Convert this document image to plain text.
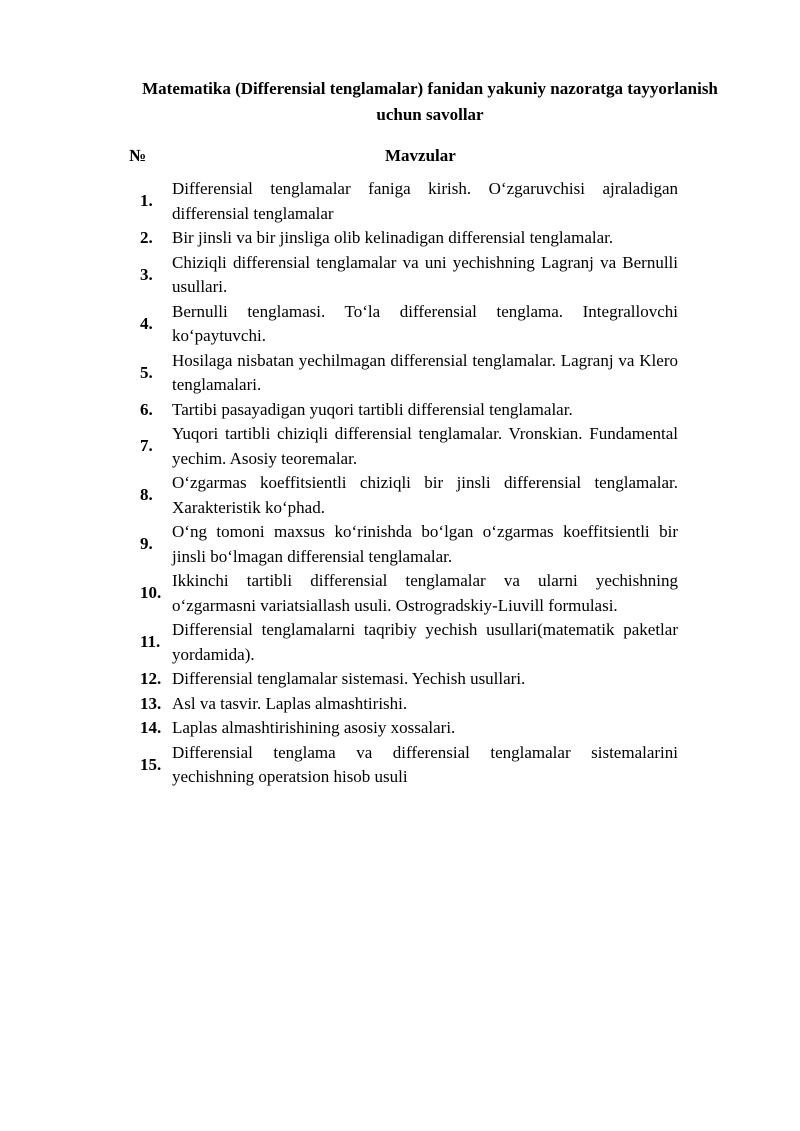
Matematika (Differensial tenglamalar) fanidan yakuniy nazoratga tayyorlanish uchun savollar
№	Mavzular
1.	Differensial tenglamalar faniga kirish. O‘zgaruvchisi ajraladigan differensial tenglamalar
2.	Bir jinsli va bir jinsliga olib kelinadigan differensial tenglamalar.
3.	Chiziqli differensial tenglamalar va uni yechishning Lagranj va Bernulli usullari.
4.	Bernulli tenglamasi. To‘la differensial tenglama. Integrallovchi ko‘paytuvchi.
5.	Hosilaga nisbatan yechilmagan differensial tenglamalar. Lagranj va Klero tenglamalari.
6.	Tartibi pasayadigan yuqori tartibli differensial tenglamalar.
7.	Yuqori tartibli chiziqli differensial tenglamalar. Vronskian. Fundamental yechim. Asosiy teoremalar.
8.	O‘zgarmas koeffitsientli chiziqli bir jinsli differensial tenglamalar. Xarakteristik ko‘phad.
9.	O‘ng tomoni maxsus ko‘rinishda bo‘lgan o‘zgarmas koeffitsientli bir jinsli bo‘lmagan differensial tenglamalar.
10.	Ikkinchi tartibli differensial tenglamalar va ularni yechishning o‘zgarmasni variatsiallash usuli. Ostrogradskiy-Liuvill formulasi.
11.	Differensial tenglamalarni taqribiy yechish usullari(matematik paketlar yordamida).
12.	Differensial tenglamalar sistemasi. Yechish usullari.
13.	Asl va tasvir. Laplas almashtirishi.
14.	Laplas almashtirishining asosiy xossalari.
15.	Differensial tenglama va differensial tenglamalar sistemalarini yechishning operatsion hisob usuli
